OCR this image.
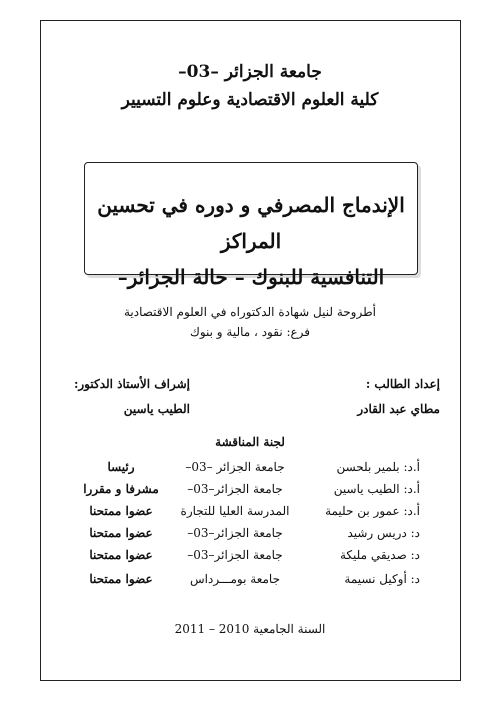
جامعة الجزائر –03–
كلية العلوم الاقتصادية وعلوم التسيير
الإندماج المصرفي و دوره في تحسين المراكز
التنافسية للبنوك – حالة الجزائر–
أطروحة لنيل شهادة الدكتوراه في العلوم الاقتصادية
فرع: نقود ، مالية و بنوك
إعداد الطالب :
مطاي عبد القادر
إشراف الأستاذ الدكتور:
الطيب ياسين
لجنة المناقشة
أ.د: بلمير بلحسن
جامعة الجزائر –03–
رئيسا
أ.د: الطيب ياسين
جامعة الجزائر–03–
مشرفا و مقررا
أ.د: عمور بن حليمة
المدرسة العليا للتجارة
عضوا ممتحنا
د: دريس رشيد
جامعة الجزائر–03–
عضوا ممتحنا
د: صديقي مليكة
جامعة الجزائر–03–
عضوا ممتحنا
د: أوكيل نسيمة
جامعة بومـــرداس
عضوا ممتحنا
السنة الجامعية 2010 – 2011
